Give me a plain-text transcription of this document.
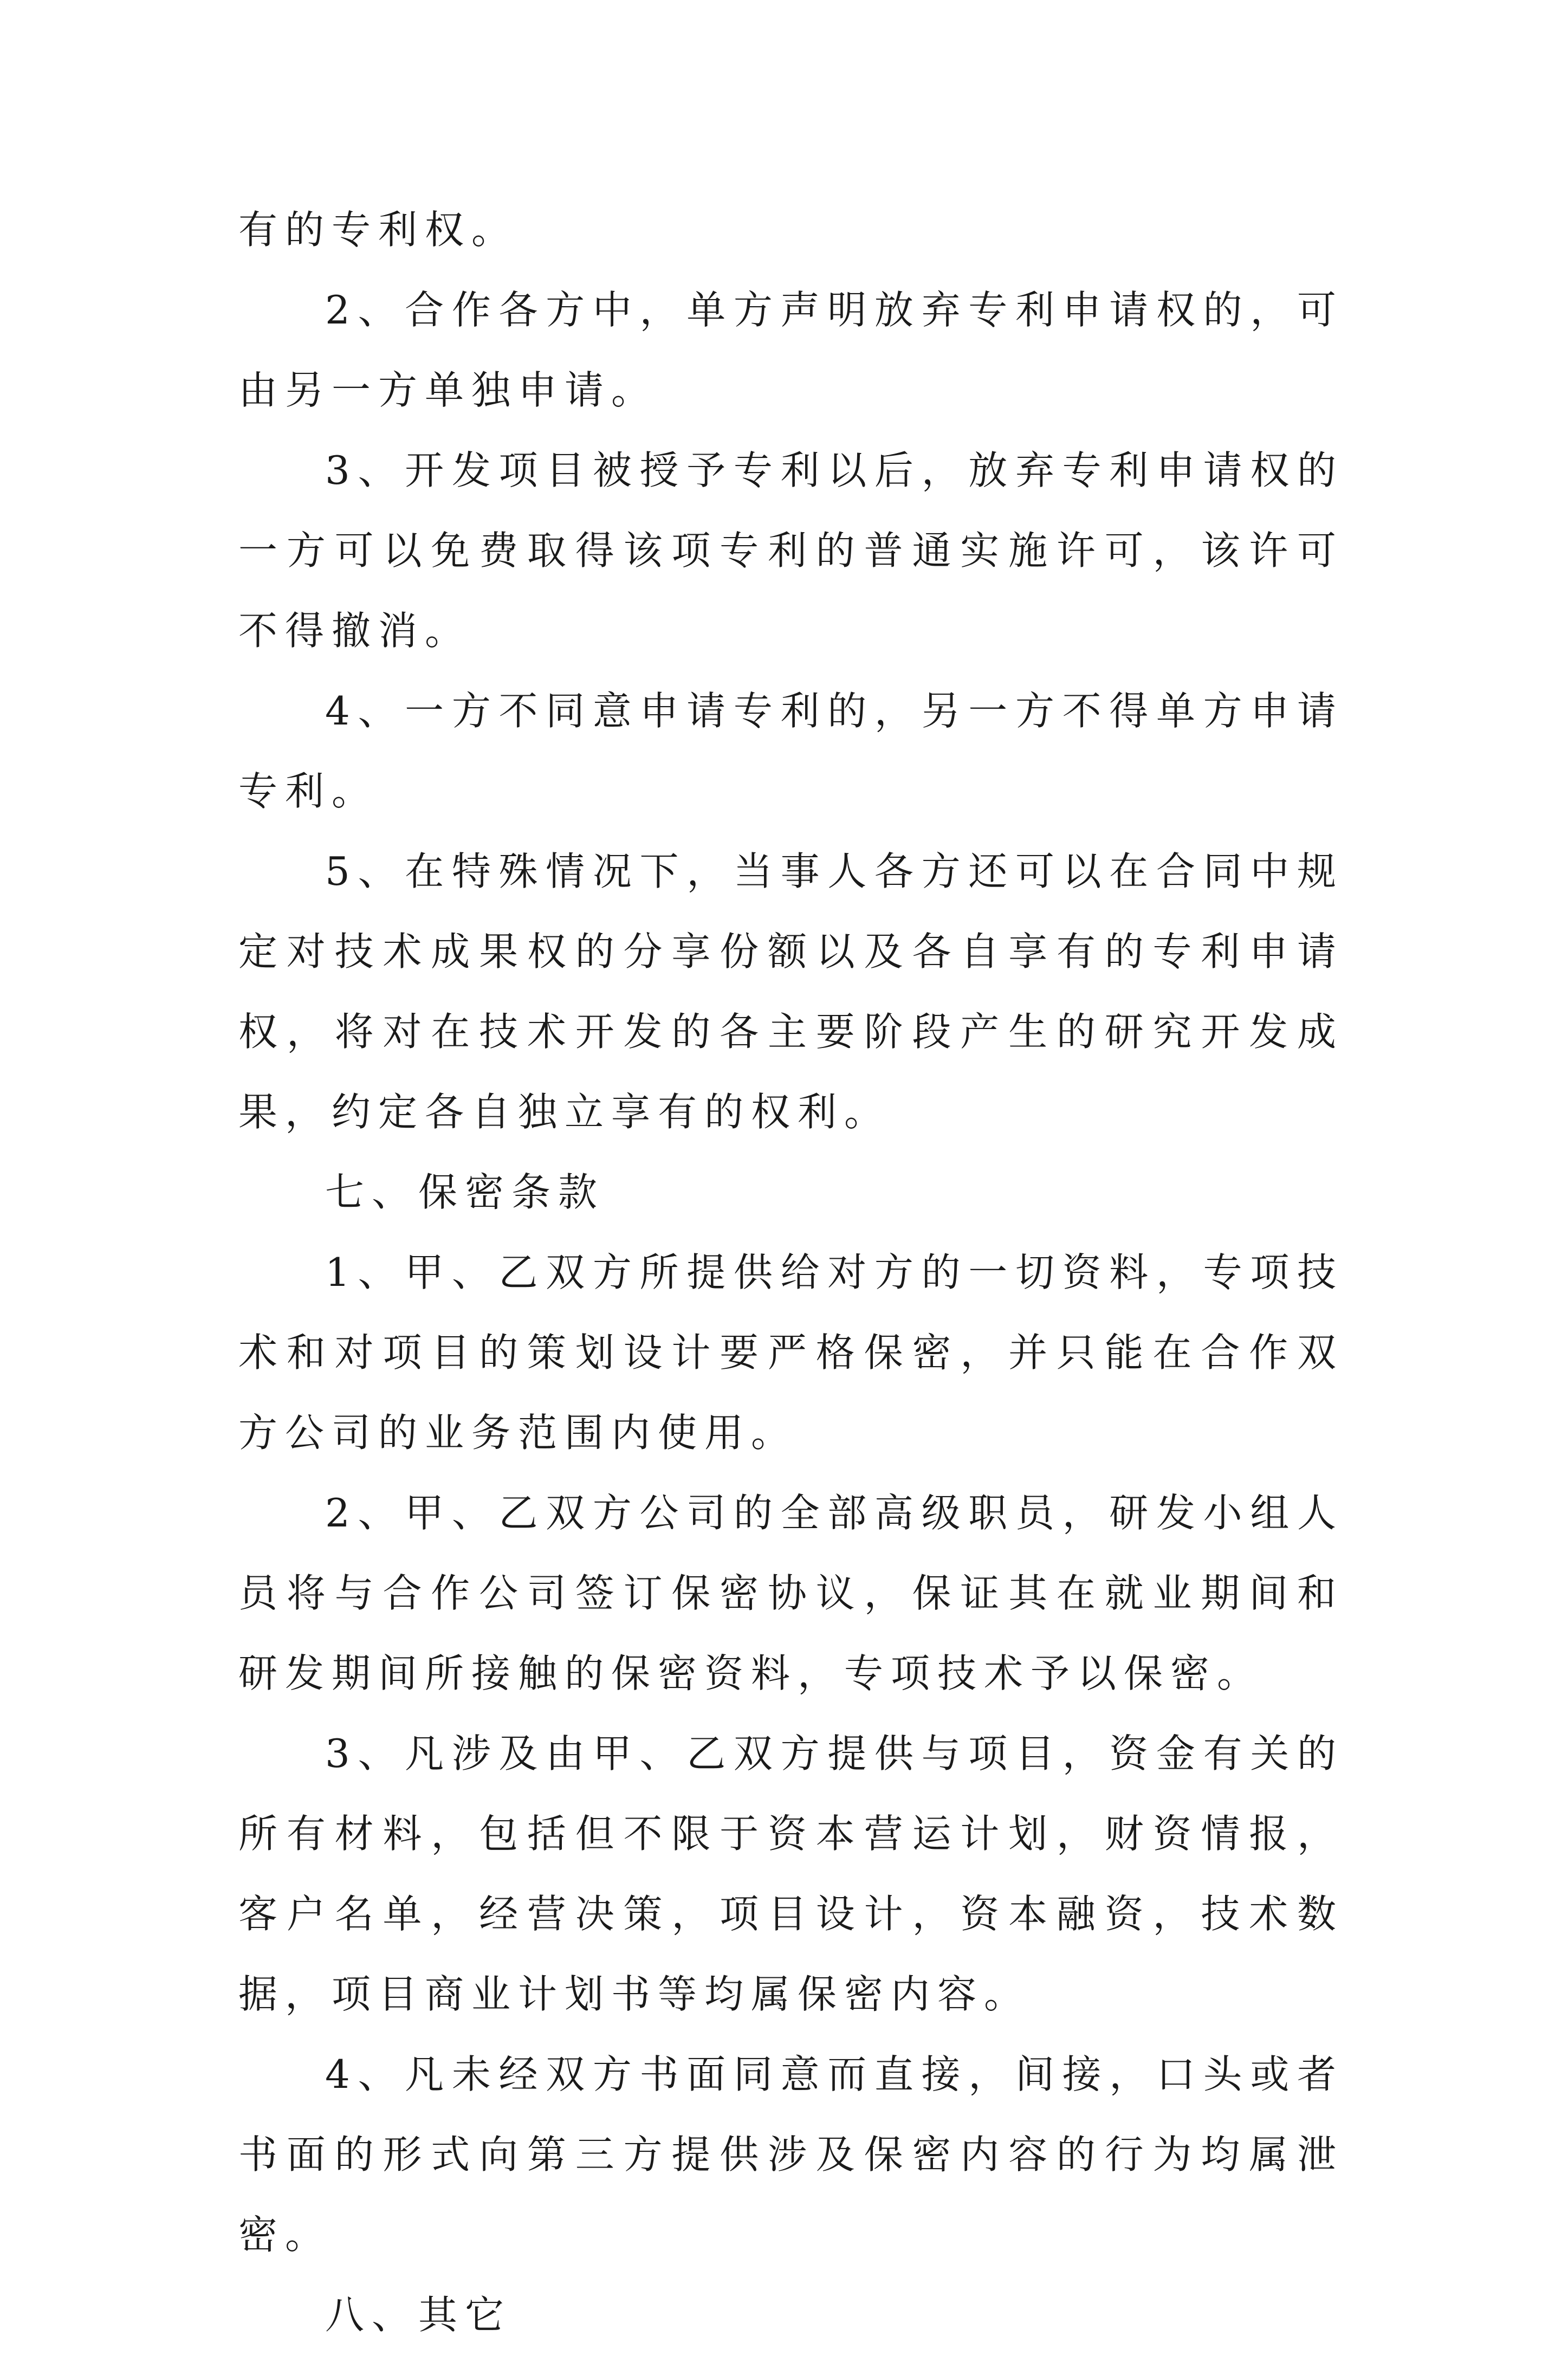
有的专利权。

2、合作各方中，单方声明放弃专利申请权的，可由另一方单独申请。

3、开发项目被授予专利以后，放弃专利申请权的一方可以免费取得该项专利的普通实施许可，该许可不得撤消。

4、一方不同意申请专利的，另一方不得单方申请专利。

5、在特殊情况下，当事人各方还可以在合同中规定对技术成果权的分享份额以及各自享有的专利申请权，将对在技术开发的各主要阶段产生的研究开发成果，约定各自独立享有的权利。

七、保密条款

1、甲、乙双方所提供给对方的一切资料，专项技术和对项目的策划设计要严格保密，并只能在合作双方公司的业务范围内使用。

2、甲、乙双方公司的全部高级职员，研发小组人员将与合作公司签订保密协议，保证其在就业期间和研发期间所接触的保密资料，专项技术予以保密。

3、凡涉及由甲、乙双方提供与项目，资金有关的所有材料，包括但不限于资本营运计划，财资情报，客户名单，经营决策，项目设计，资本融资，技术数据，项目商业计划书等均属保密内容。

4、凡未经双方书面同意而直接，间接，口头或者书面的形式向第三方提供涉及保密内容的行为均属泄密。

八、其它
